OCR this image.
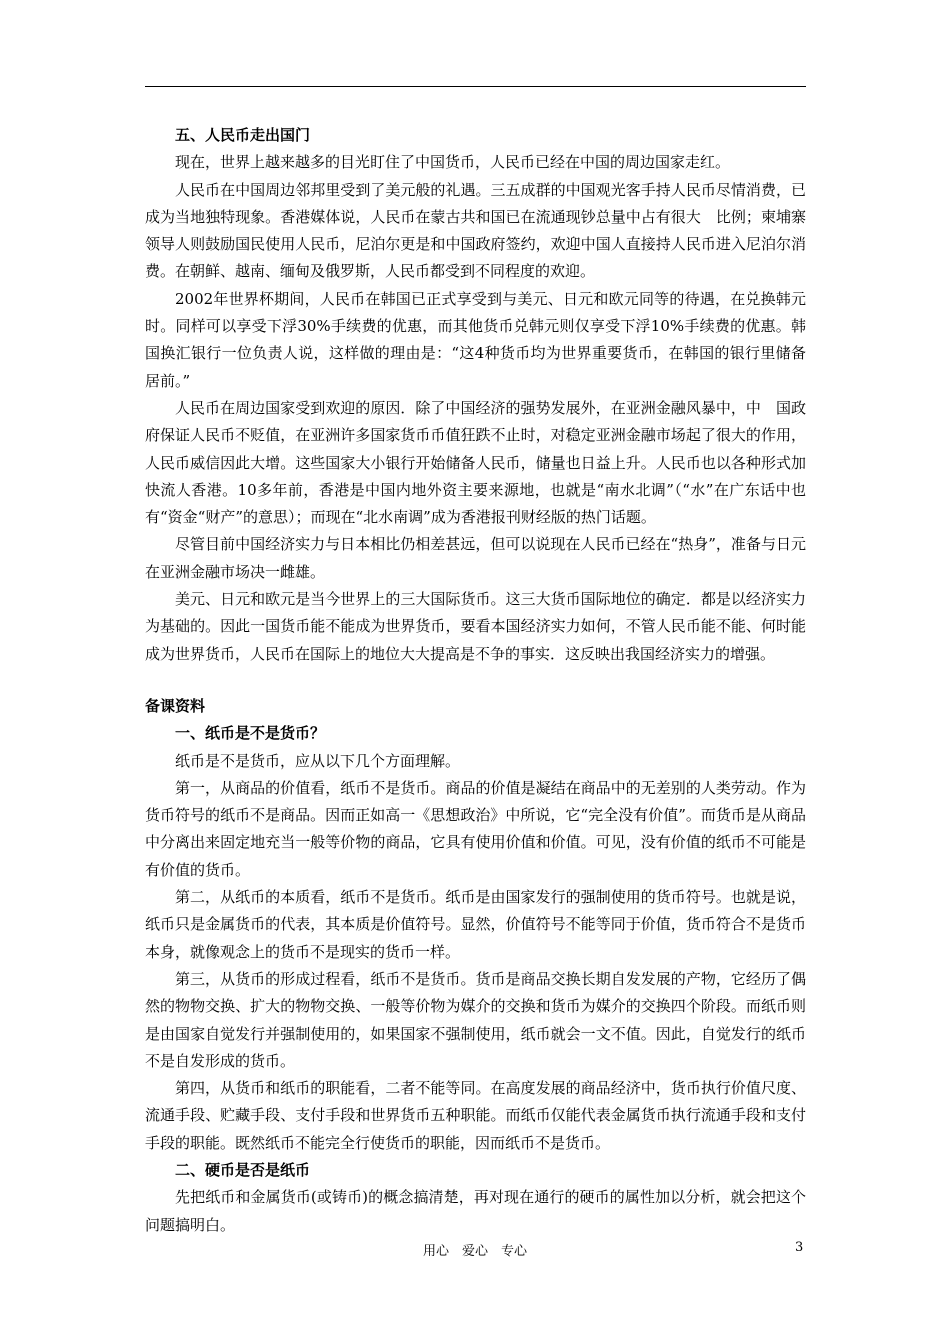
五、人民币走出国门

现在，世界上越来越多的目光盯住了中国货币，人民币已经在中国的周边国家走红。

人民币在中国周边邻邦里受到了美元般的礼遇。三五成群的中国观光客手持人民币尽情消费，已成为当地独特现象。香港媒体说，人民币在蒙古共和国已在流通现钞总量中占有很大　比例；柬埔寨领导人则鼓励国民使用人民币，尼泊尔更是和中国政府签约，欢迎中国人直接持人民币进入尼泊尔消费。在朝鲜、越南、缅甸及俄罗斯，人民币都受到不同程度的欢迎。

2002年世界杯期间，人民币在韩国已正式享受到与美元、日元和欧元同等的待遇，在兑换韩元时。同样可以享受下浮30%手续费的优惠，而其他货币兑韩元则仅享受下浮10%手续费的优惠。韩国换汇银行一位负责人说，这样做的理由是：“这4种货币均为世界重要货币，在韩国的银行里储备居前。”

人民币在周边国家受到欢迎的原因．除了中国经济的强势发展外，在亚洲金融风暴中，中　国政府保证人民币不贬值，在亚洲许多国家货币币值狂跌不止时，对稳定亚洲金融市场起了很大的作用，人民币威信因此大增。这些国家大小银行开始储备人民币，储量也日益上升。人民币也以各种形式加快流人香港。10多年前，香港是中国内地外资主要来源地，也就是“南水北调”（“水”在广东话中也有“资金“财产”的意思）；而现在“北水南调”成为香港报刊财经版的热门话题。

尽管目前中国经济实力与日本相比仍相差甚远，但可以说现在人民币已经在“热身”，准备与日元在亚洲金融市场决一雌雄。

美元、日元和欧元是当今世界上的三大国际货币。这三大货币国际地位的确定．都是以经济实力为基础的。因此一国货币能不能成为世界货币，要看本国经济实力如何，不管人民币能不能、何时能成为世界货币，人民币在国际上的地位大大提高是不争的事实．这反映出我国经济实力的增强。

备课资料

一、纸币是不是货币？

纸币是不是货币，应从以下几个方面理解。

第一，从商品的价值看，纸币不是货币。商品的价值是凝结在商品中的无差别的人类劳动。作为货币符号的纸币不是商品。因而正如高一《思想政治》中所说，它“完全没有价值”。而货币是从商品中分离出来固定地充当一般等价物的商品，它具有使用价值和价值。可见，没有价值的纸币不可能是有价值的货币。

第二，从纸币的本质看，纸币不是货币。纸币是由国家发行的强制使用的货币符号。也就是说，纸币只是金属货币的代表，其本质是价值符号。显然，价值符号不能等同于价值，货币符合不是货币本身，就像观念上的货币不是现实的货币一样。

第三，从货币的形成过程看，纸币不是货币。货币是商品交换长期自发发展的产物，它经历了偶然的物物交换、扩大的物物交换、一般等价物为媒介的交换和货币为媒介的交换四个阶段。而纸币则是由国家自觉发行并强制使用的，如果国家不强制使用，纸币就会一文不值。因此，自觉发行的纸币不是自发形成的货币。

第四，从货币和纸币的职能看，二者不能等同。在高度发展的商品经济中，货币执行价值尺度、流通手段、贮藏手段、支付手段和世界货币五种职能。而纸币仅能代表金属货币执行流通手段和支付手段的职能。既然纸币不能完全行使货币的职能，因而纸币不是货币。

二、硬币是否是纸币

先把纸币和金属货币(或铸币)的概念搞清楚，再对现在通行的硬币的属性加以分析，就会把这个问题搞明白。

用心　爱心　专心	3
